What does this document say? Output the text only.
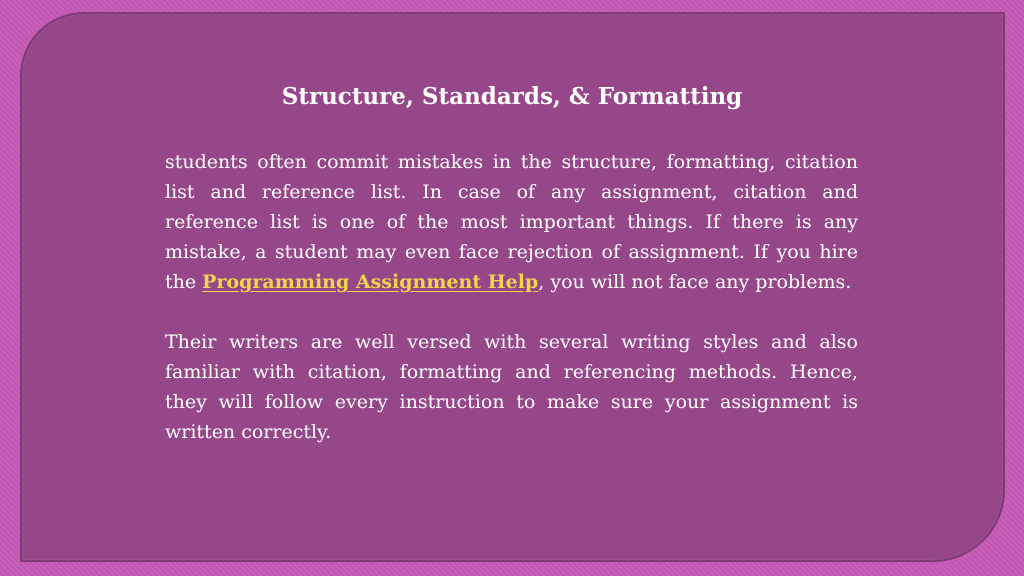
Structure, Standards, & Formatting

students often commit mistakes in the structure, formatting, citation list and reference list. In case of any assignment, citation and reference list is one of the most important things. If there is any mistake, a student may even face rejection of assignment. If you hire the Programming Assignment Help, you will not face any problems.

Their writers are well versed with several writing styles and also familiar with citation, formatting and referencing methods. Hence, they will follow every instruction to make sure your assignment is written correctly.
